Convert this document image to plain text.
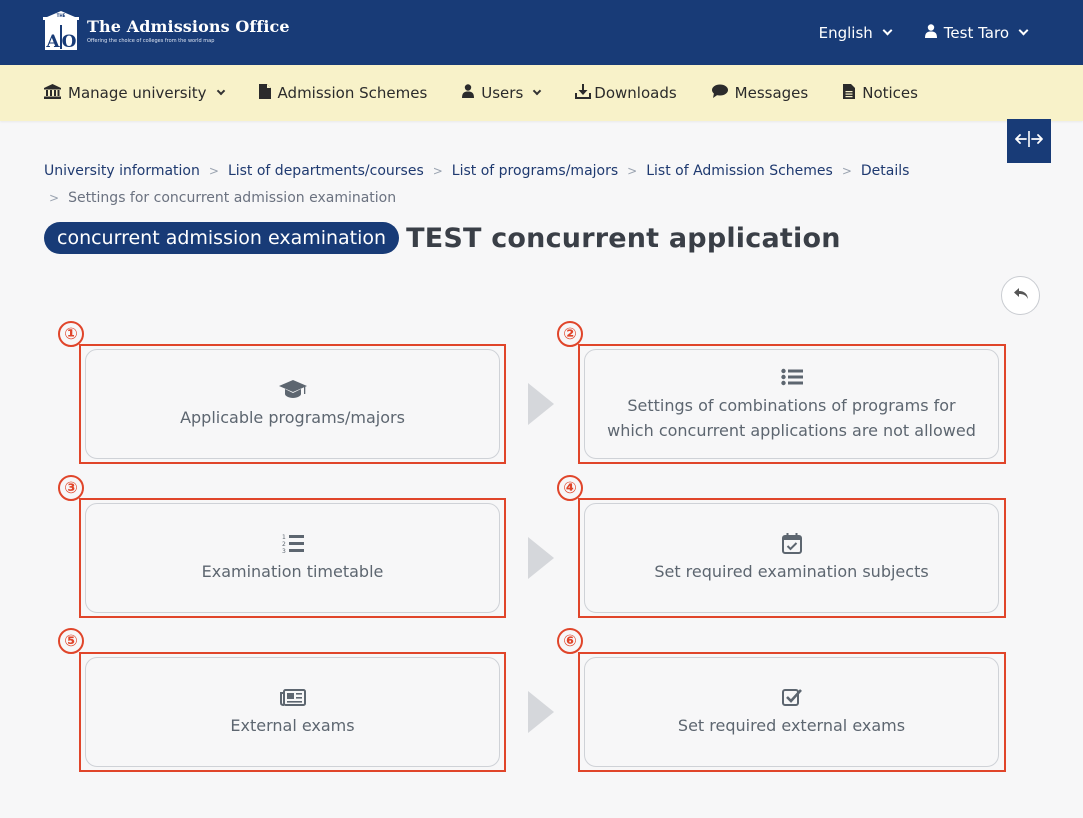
THE
A O
The Admissions Office
Offering the choice of colleges from the world map	English	Test Taro
Manage university	Admission Schemes	Users	Downloads	Messages	Notices
University information > List of departments/courses > List of programs/majors > List of Admission Schemes > Details
> Settings for concurrent admission examination
concurrent admission examination TEST concurrent application
①
Applicable programs/majors
②
Settings of combinations of programs for which concurrent applications are not allowed
③
1
2
3
Examination timetable
④
Set required examination subjects
⑤
External exams
⑥
Set required external exams
